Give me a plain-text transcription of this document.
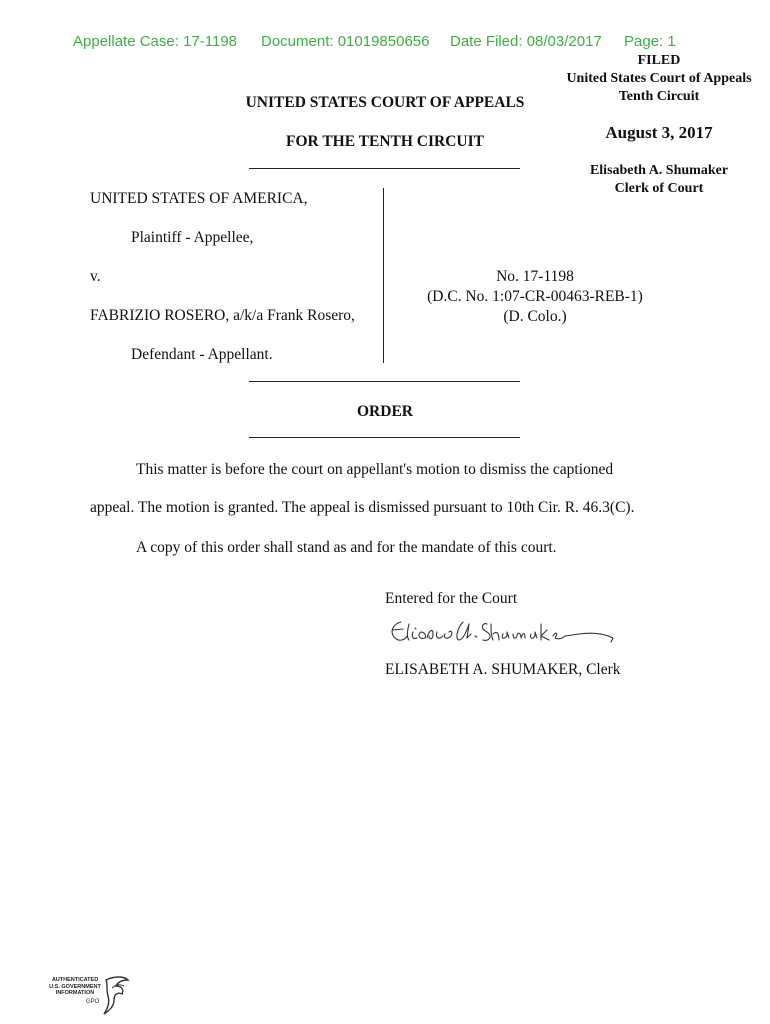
Appellate Case: 17-1198 Document: 01019850656 Date Filed: 08/03/2017 Page: 1
FILED
United States Court of Appeals
Tenth Circuit
August 3, 2017
Elisabeth A. Shumaker
Clerk of Court
UNITED STATES COURT OF APPEALS
FOR THE TENTH CIRCUIT
UNITED STATES OF AMERICA,
Plaintiff - Appellee,
v.
FABRIZIO ROSERO, a/k/a Frank Rosero,
Defendant - Appellant.
No. 17-1198
(D.C. No. 1:07-CR-00463-REB-1)
(D. Colo.)
ORDER
This matter is before the court on appellant's motion to dismiss the captioned
appeal. The motion is granted. The appeal is dismissed pursuant to 10th Cir. R. 46.3(C).
A copy of this order shall stand as and for the mandate of this court.
Entered for the Court
ELISABETH A. SHUMAKER, Clerk
AUTHENTICATED
U.S. GOVERNMENT
INFORMATION
GPO
